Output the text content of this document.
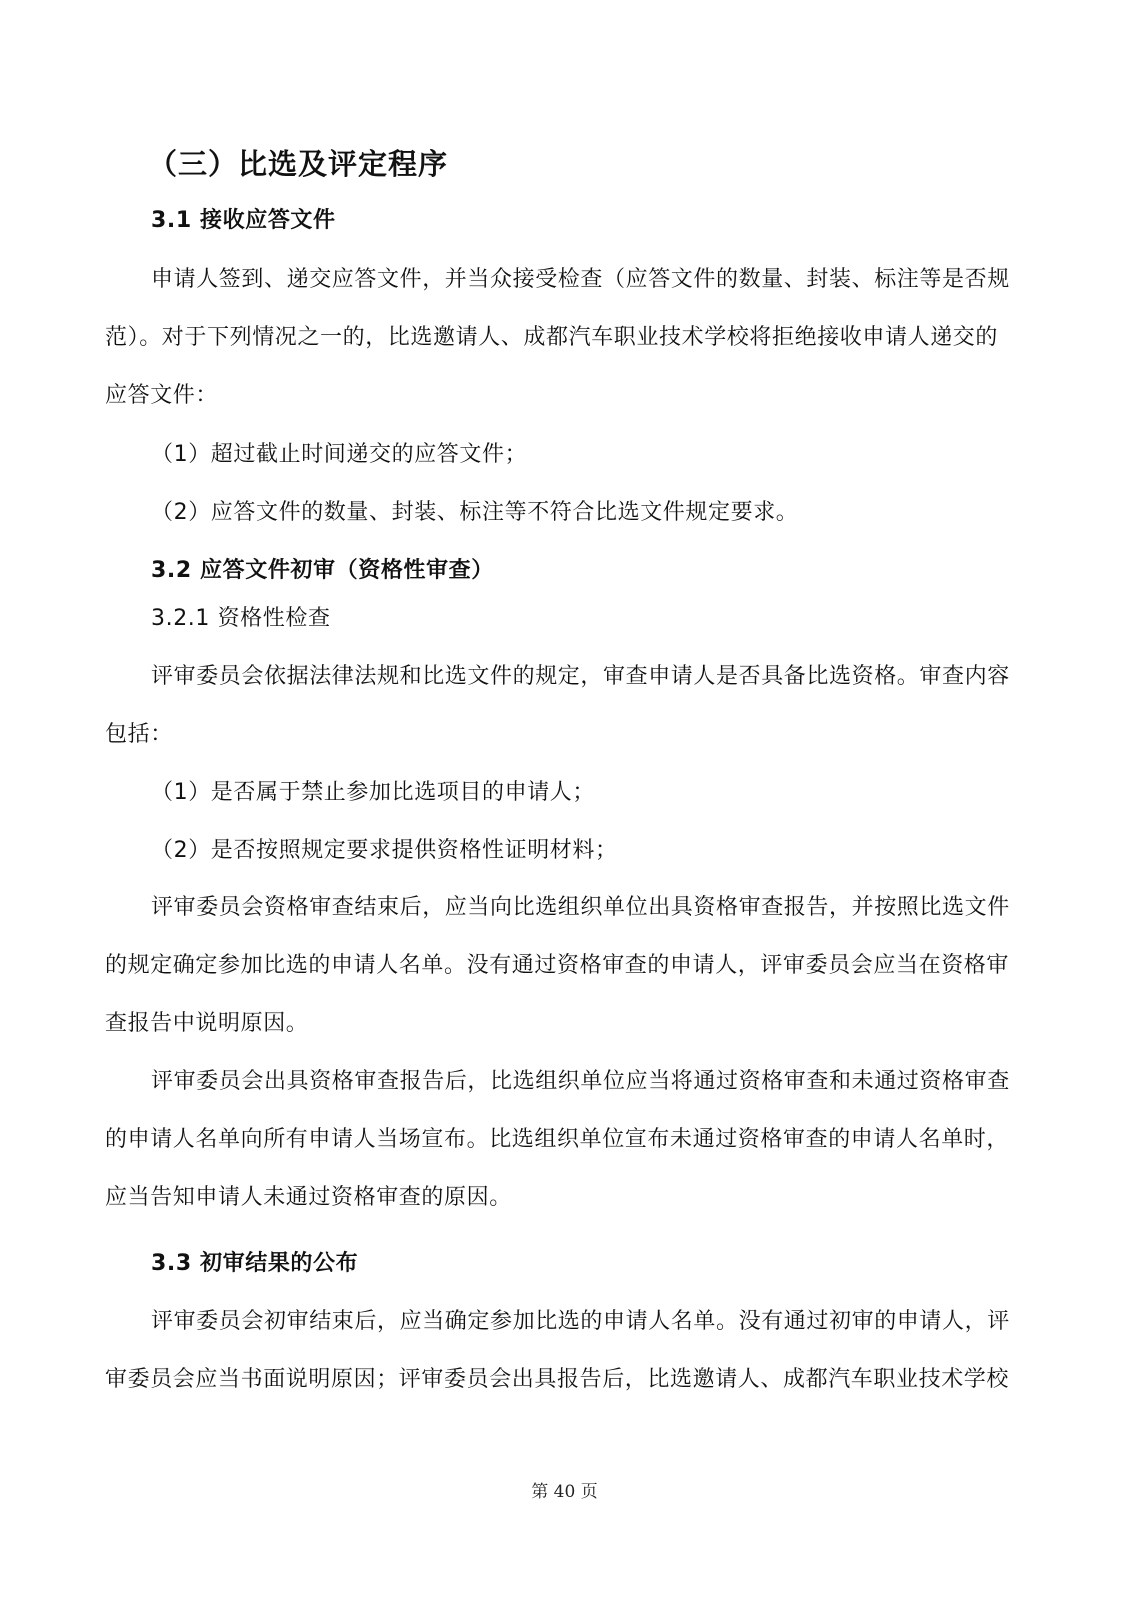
（三）比选及评定程序
3.1 接收应答文件
申请人签到、递交应答文件，并当众接受检查（应答文件的数量、封装、标注等是否规
范）。对于下列情况之一的，比选邀请人、成都汽车职业技术学校将拒绝接收申请人递交的
应答文件：
（1）超过截止时间递交的应答文件；
（2）应答文件的数量、封装、标注等不符合比选文件规定要求。
3.2 应答文件初审（资格性审查）
3.2.1 资格性检查
评审委员会依据法律法规和比选文件的规定，审查申请人是否具备比选资格。审查内容
包括：
（1）是否属于禁止参加比选项目的申请人；
（2）是否按照规定要求提供资格性证明材料；
评审委员会资格审查结束后，应当向比选组织单位出具资格审查报告，并按照比选文件
的规定确定参加比选的申请人名单。没有通过资格审查的申请人，评审委员会应当在资格审
查报告中说明原因。
评审委员会出具资格审查报告后，比选组织单位应当将通过资格审查和未通过资格审查
的申请人名单向所有申请人当场宣布。比选组织单位宣布未通过资格审查的申请人名单时，
应当告知申请人未通过资格审查的原因。
3.3 初审结果的公布
评审委员会初审结束后，应当确定参加比选的申请人名单。没有通过初审的申请人，评
审委员会应当书面说明原因；评审委员会出具报告后，比选邀请人、成都汽车职业技术学校
第 40 页
